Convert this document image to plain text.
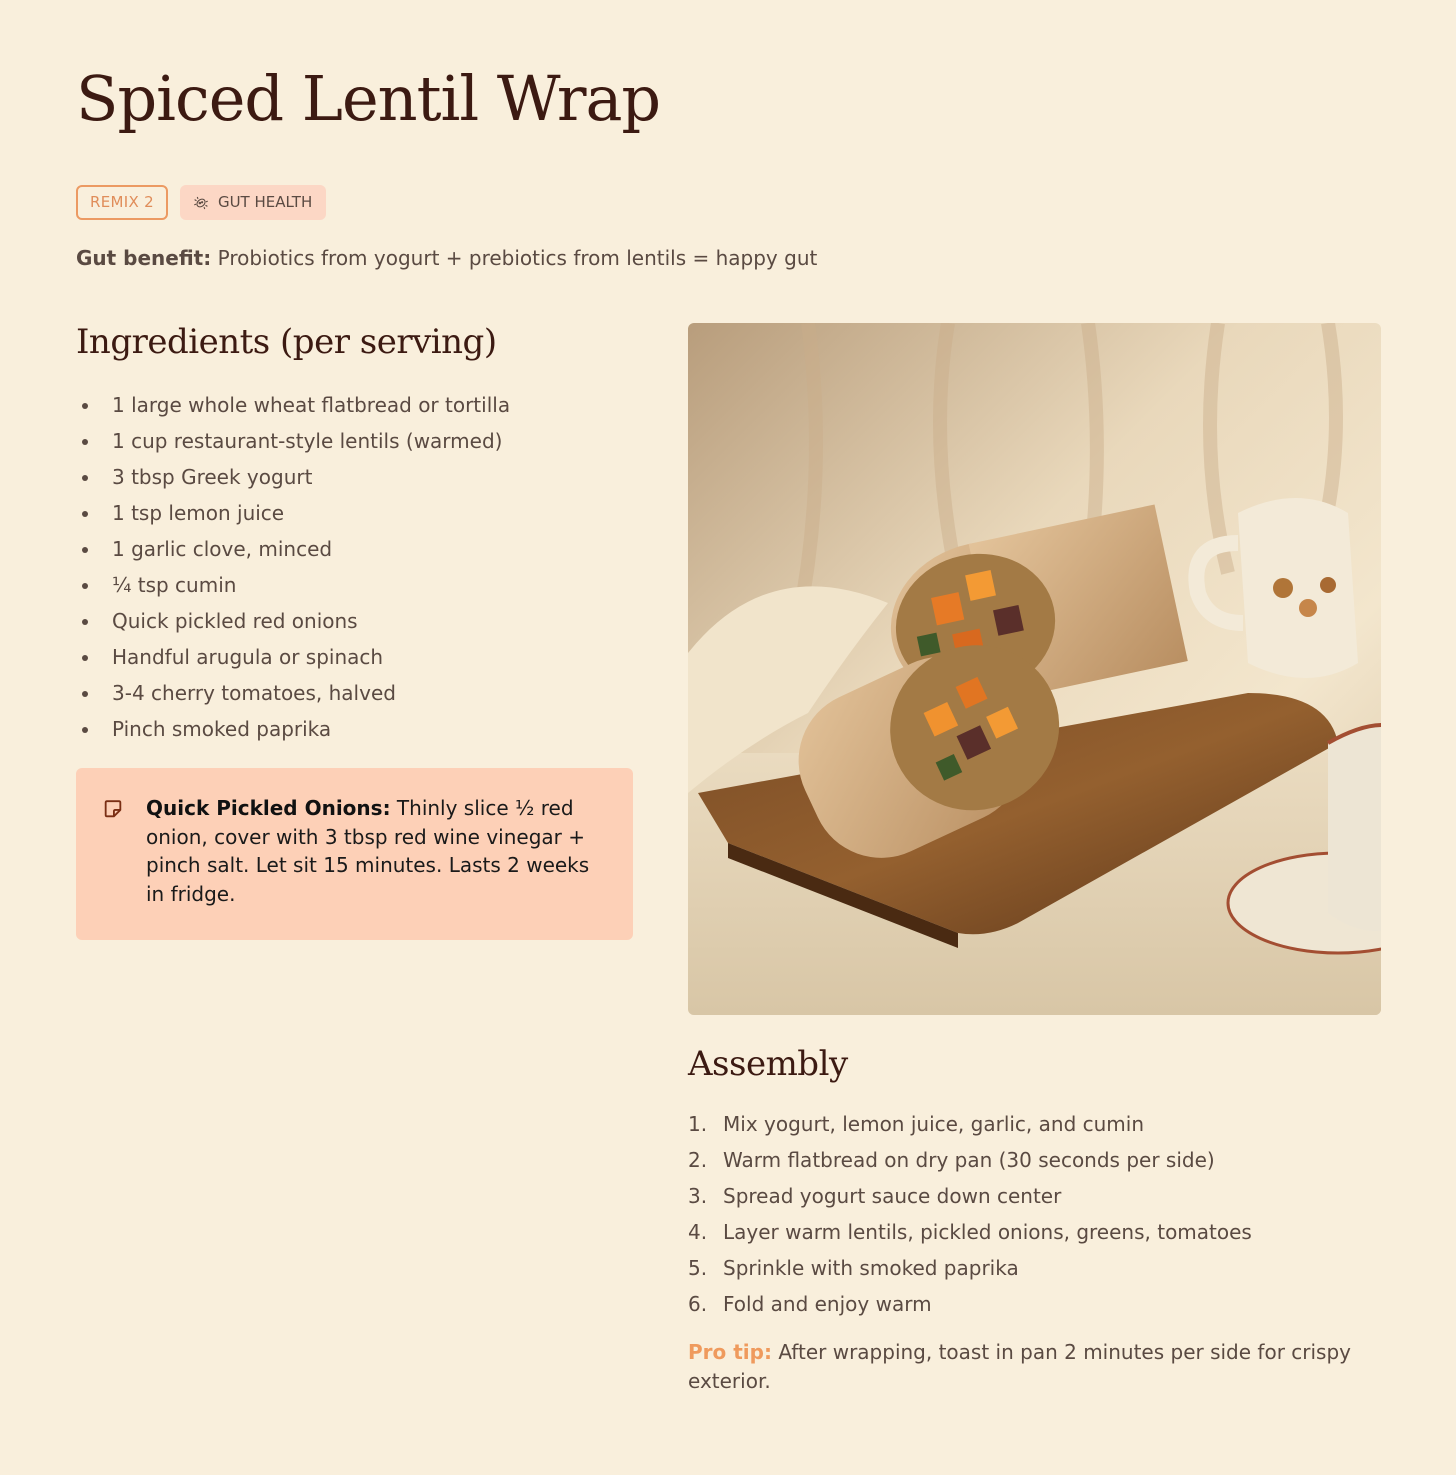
Spiced Lentil Wrap
REMIX 2	GUT HEALTH

Gut benefit: Probiotics from yogurt + prebiotics from lentils = happy gut

Ingredients (per serving)
1 large whole wheat flatbread or tortilla
1 cup restaurant-style lentils (warmed)
3 tbsp Greek yogurt
1 tsp lemon juice
1 garlic clove, minced
¼ tsp cumin
Quick pickled red onions
Handful arugula or spinach
3-4 cherry tomatoes, halved
Pinch smoked paprika

Quick Pickled Onions: Thinly slice ½ red onion, cover with 3 tbsp red wine vinegar + pinch salt. Let sit 15 minutes. Lasts 2 weeks in fridge.

Assembly
1. Mix yogurt, lemon juice, garlic, and cumin
2. Warm flatbread on dry pan (30 seconds per side)
3. Spread yogurt sauce down center
4. Layer warm lentils, pickled onions, greens, tomatoes
5. Sprinkle with smoked paprika
6. Fold and enjoy warm

Pro tip: After wrapping, toast in pan 2 minutes per side for crispy exterior.
